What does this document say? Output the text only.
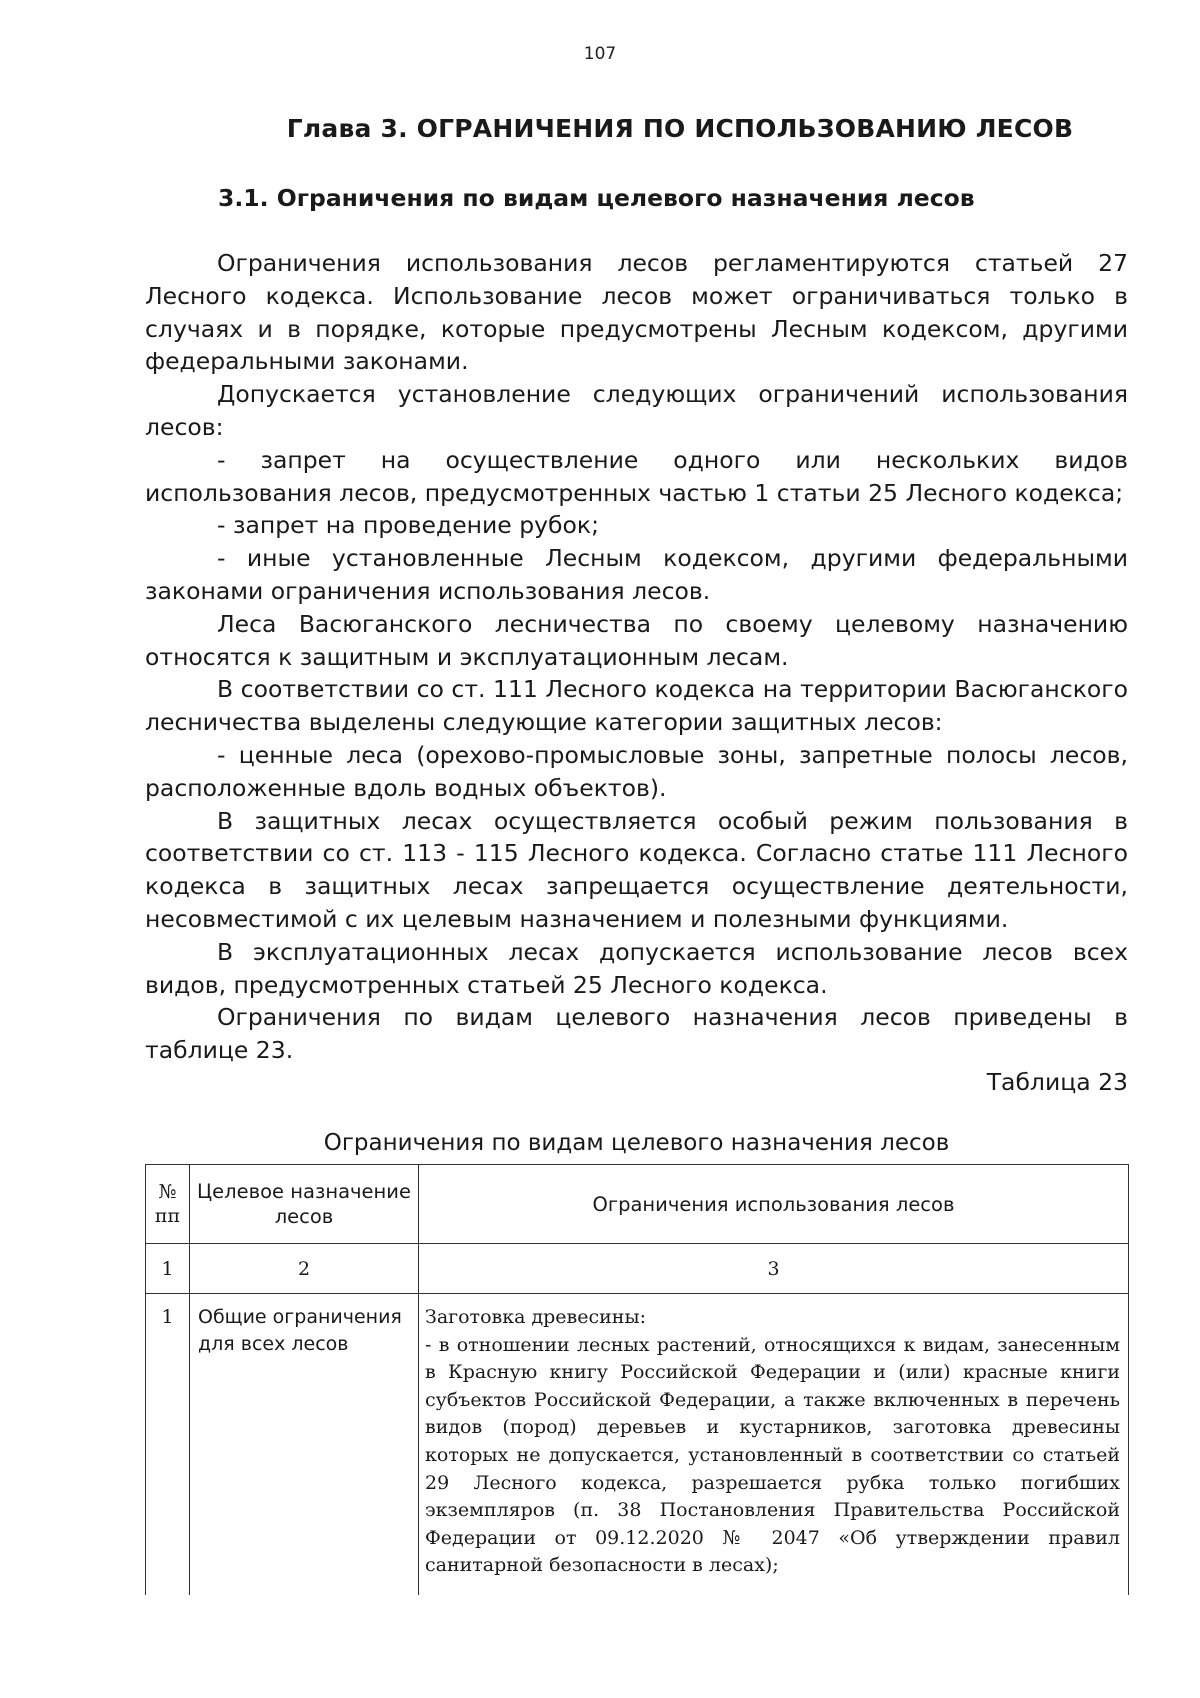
107
Глава 3. ОГРАНИЧЕНИЯ ПО ИСПОЛЬЗОВАНИЮ ЛЕСОВ
3.1. Ограничения по видам целевого назначения лесов

Ограничения использования лесов регламентируются статьей 27 Лесного кодекса. Использование лесов может ограничиваться только в случаях и в порядке, которые предусмотрены Лесным кодексом, другими федеральными законами.

Допускается установление следующих ограничений использования лесов:

- запрет на осуществление одного или нескольких видов использования лесов, предусмотренных частью 1 статьи 25 Лесного кодекса;

- запрет на проведение рубок;

- иные установленные Лесным кодексом, другими федеральными законами ограничения использования лесов.

Леса Васюганского лесничества по своему целевому назначению относятся к защитным и эксплуатационным лесам.

В соответствии со ст. 111 Лесного кодекса на территории Васюганского лесничества выделены следующие категории защитных лесов:

- ценные леса (орехово-промысловые зоны, запретные полосы лесов, расположенные вдоль водных объектов).

В защитных лесах осуществляется особый режим пользования в соответствии со ст. 113 - 115 Лесного кодекса. Согласно статье 111 Лесного кодекса в защитных лесах запрещается осуществление деятельности, несовместимой с их целевым назначением и полезными функциями.

В эксплуатационных лесах допускается использование лесов всех видов, предусмотренных статьей 25 Лесного кодекса.

Ограничения по видам целевого назначения лесов приведены в таблице 23.

Таблица 23
Ограничения по видам целевого назначения лесов
№ пп	Целевое назначение лесов	Ограничения использования лесов
1	2	3
1	Общие ограничения для всех лесов	Заготовка древесины:
- в отношении лесных растений, относящихся к видам, занесенным в Красную книгу Российской Федерации и (или) красные книги субъектов Российской Федерации, а также включенных в перечень видов (пород) деревьев и кустарников, заготовка древесины которых не допускается, установленный в соответствии со статьей 29 Лесного кодекса, разрешается рубка только погибших экземпляров (п. 38 Постановления Правительства Российской Федерации от 09.12.2020 № 2047 «Об утверждении правил санитарной безопасности в лесах);
